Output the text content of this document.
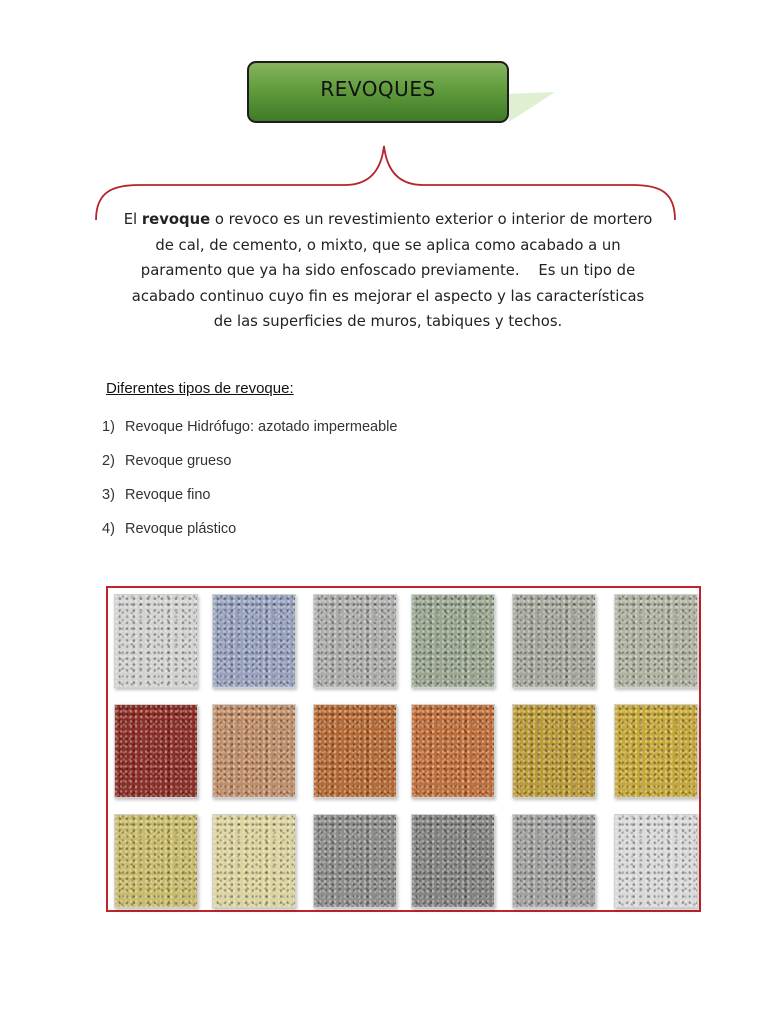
REVOQUES
El revoque o revoco es un revestimiento exterior o interior de mortero
de cal, de cemento, o mixto, que se aplica como acabado a un
paramento que ya ha sido enfoscado previamente.    Es un tipo de
acabado continuo cuyo fin es mejorar el aspecto y las características
de las superficies de muros, tabiques y techos.
Diferentes tipos de revoque:
1) Revoque Hidrófugo: azotado impermeable
2) Revoque grueso
3) Revoque fino
4) Revoque plástico
